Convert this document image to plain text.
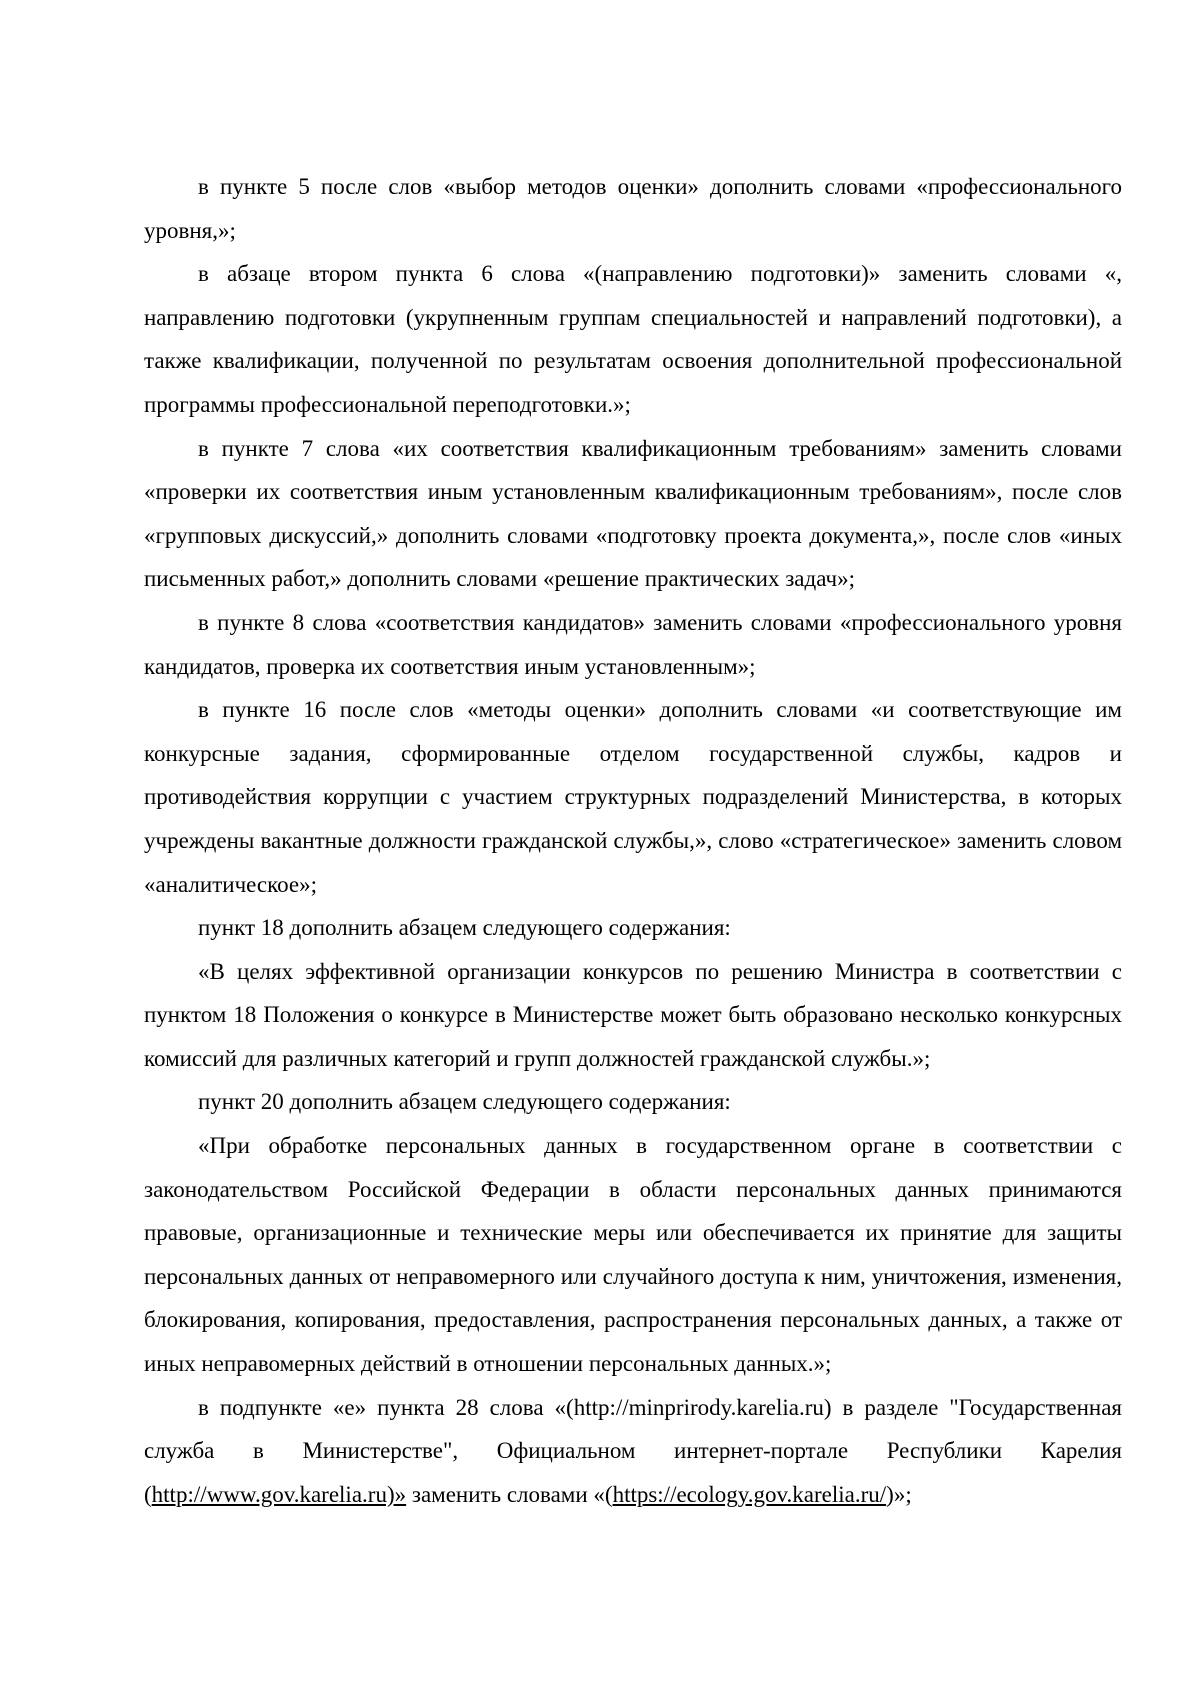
в пункте 5 после слов «выбор методов оценки» дополнить словами «профессионального уровня,»;

в абзаце втором пункта 6 слова «(направлению подготовки)» заменить словами «, направлению подготовки (укрупненным группам специальностей и направлений подготовки), а также квалификации, полученной по результатам освоения дополнительной профессиональной программы профессиональной переподготовки.»;

в пункте 7 слова «их соответствия квалификационным требованиям» заменить словами «проверки их соответствия иным установленным квалификационным требованиям», после слов «групповых дискуссий,» дополнить словами «подготовку проекта документа,», после слов «иных письменных работ,» дополнить словами «решение практических задач»;

в пункте 8 слова «соответствия кандидатов» заменить словами «профессионального уровня кандидатов, проверка их соответствия иным установленным»;

в пункте 16 после слов «методы оценки» дополнить словами «и соответствующие им конкурсные задания, сформированные отделом государственной службы, кадров и противодействия коррупции с участием структурных подразделений Министерства, в которых учреждены вакантные должности гражданской службы,», слово «стратегическое» заменить словом «аналитическое»;

пункт 18 дополнить абзацем следующего содержания:

«В целях эффективной организации конкурсов по решению Министра в соответствии с пунктом 18 Положения о конкурсе в Министерстве может быть образовано несколько конкурсных комиссий для различных категорий и групп должностей гражданской службы.»;

пункт 20 дополнить абзацем следующего содержания:

«При обработке персональных данных в государственном органе в соответствии с законодательством Российской Федерации в области персональных данных принимаются правовые, организационные и технические меры или обеспечивается их принятие для защиты персональных данных от неправомерного или случайного доступа к ним, уничтожения, изменения, блокирования, копирования, предоставления, распространения персональных данных, а также от иных неправомерных действий в отношении персональных данных.»;

в подпункте «е» пункта 28 слова «(http://minprirody.karelia.ru) в разделе "Государственная служба в Министерстве", Официальном интернет-портале Республики Карелия (http://www.gov.karelia.ru)» заменить словами «(https://ecology.gov.karelia.ru/)»;
